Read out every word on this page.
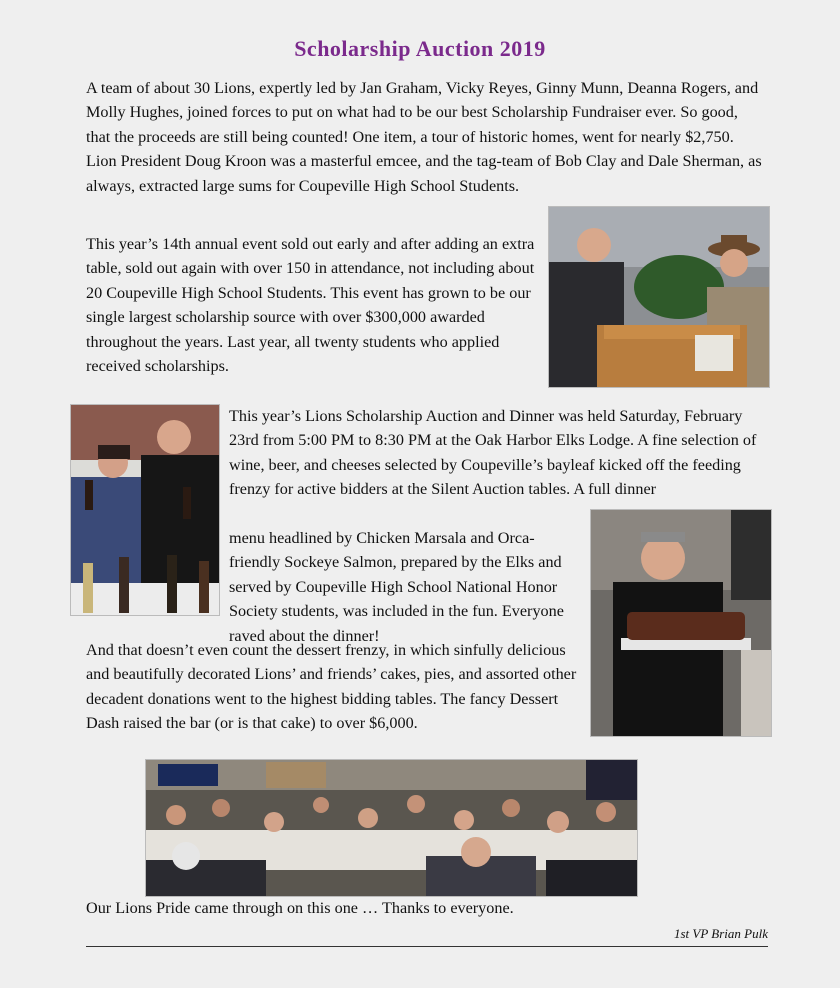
Scholarship Auction 2019

A team of about 30 Lions, expertly led by Jan Graham, Vicky Reyes, Ginny Munn, Deanna Rogers, and Molly Hughes, joined forces to put on what had to be our best Scholarship Fundraiser ever. So good, that the proceeds are still being counted! One item, a tour of historic homes, went for nearly $2,750. Lion President Doug Kroon was a masterful emcee, and the tag-team of Bob Clay and Dale Sherman, as always, extracted large sums for Coupeville High School Students.

This year’s 14th annual event sold out early and after adding an extra table, sold out again with over 150 in attendance, not including about 20 Coupeville High School Students. This event has grown to be our single largest scholarship source with over $300,000 awarded throughout the years. Last year, all twenty students who applied received scholarships.

This year’s Lions Scholarship Auction and Dinner was held Saturday, February 23rd from 5:00 PM to 8:30 PM at the Oak Harbor Elks Lodge. A fine selection of wine, beer, and cheeses selected by Coupeville’s bayleaf kicked off the feeding frenzy for active bidders at the Silent Auction tables. A full dinner

menu headlined by Chicken Marsala and Orca-friendly Sockeye Salmon, prepared by the Elks and served by Coupeville High School National Honor Society students, was included in the fun. Everyone raved about the dinner!

And that doesn’t even count the dessert frenzy, in which sinfully delicious and beautifully decorated Lions’ and friends’ cakes, pies, and assorted other decadent donations went to the highest bidding tables. The fancy Dessert Dash raised the bar (or is that cake) to over $6,000.

Our Lions Pride came through on this one … Thanks to everyone.

1st VP Brian Pulk
